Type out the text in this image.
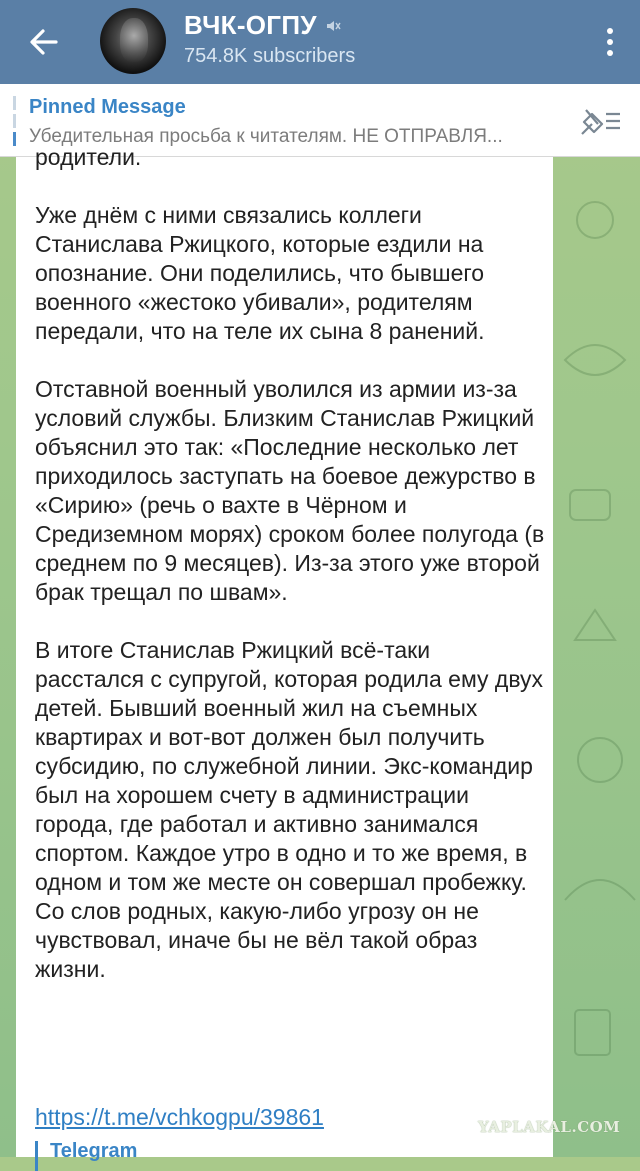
ВЧК-ОГПУ
754.8K subscribers
Pinned Message
Убедительная просьба к читателям. НЕ ОТПРАВЛЯ...

родители.

Уже днём с ними связались коллеги Станислава Ржицкого, которые ездили на опознание. Они поделились, что бывшего военного «жестоко убивали», родителям передали, что на теле их сына 8 ранений.

Отставной военный уволился из армии из-за условий службы. Близким Станислав Ржицкий объяснил это так: «Последние несколько лет приходилось заступать на боевое дежурство в «Сирию» (речь о вахте в Чёрном и Средиземном морях) сроком более полугода (в среднем по 9 месяцев). Из-за этого уже второй брак трещал по швам».

В итоге Станислав Ржицкий всё-таки расстался с супругой, которая родила ему двух детей. Бывший военный жил на съемных квартирах и вот-вот должен был получить субсидию, по служебной линии. Экс-командир был на хорошем счету в администрации города, где работал и активно занимался спортом. Каждое утро в одно и то же время, в одном и том же месте он совершал пробежку. Со слов родных, какую-либо угрозу он не чувствовал, иначе бы не вёл такой образ жизни.

https://t.me/vchkogpu/39861
Telegram
YAPLAKAL.COM
